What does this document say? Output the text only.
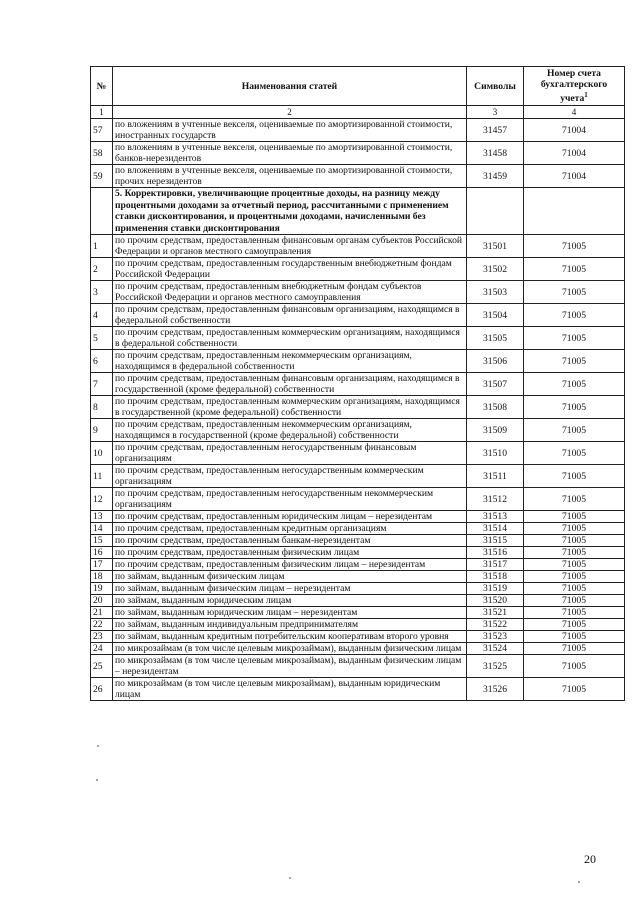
№	Наименования статей	Символы	Номер счета бухгалтерского учета$^1$
1	2	3	4
57	по вложениям в учтенные векселя, оцениваемые по амортизированной стоимости, иностранных государств	31457	71004
58	по вложениям в учтенные векселя, оцениваемые по амортизированной стоимости, банков-нерезидентов	31458	71004
59	по вложениям в учтенные векселя, оцениваемые по амортизированной стоимости, прочих нерезидентов	31459	71004
	5. Корректировки, увеличивающие процентные доходы, на разницу между процентными доходами за отчетный период, рассчитанными с применением ставки дисконтирования, и процентными доходами, начисленными без применения ставки дисконтирования		
1	по прочим средствам, предоставленным финансовым органам субъектов Российской Федерации и органов местного самоуправления	31501	71005
2	по прочим средствам, предоставленным государственным внебюджетным фондам Российской Федерации	31502	71005
3	по прочим средствам, предоставленным внебюджетным фондам субъектов Российской Федерации и органов местного самоуправления	31503	71005
4	по прочим средствам, предоставленным финансовым организациям, находящимся в федеральной собственности	31504	71005
5	по прочим средствам, предоставленным коммерческим организациям, находящимся в федеральной собственности	31505	71005
6	по прочим средствам, предоставленным некоммерческим организациям, находящимся в федеральной собственности	31506	71005
7	по прочим средствам, предоставленным финансовым организациям, находящимся в государственной (кроме федеральной) собственности	31507	71005
8	по прочим средствам, предоставленным коммерческим организациям, находящимся в государственной (кроме федеральной) собственности	31508	71005
9	по прочим средствам, предоставленным некоммерческим организациям, находящимся в государственной (кроме федеральной) собственности	31509	71005
10	по прочим средствам, предоставленным негосударственным финансовым организациям	31510	71005
11	по прочим средствам, предоставленным негосударственным коммерческим организациям	31511	71005
12	по прочим средствам, предоставленным негосударственным некоммерческим организациям	31512	71005
13	по прочим средствам, предоставленным юридическим лицам – нерезидентам	31513	71005
14	по прочим средствам, предоставленным кредитным организациям	31514	71005
15	по прочим средствам, предоставленным банкам-нерезидентам	31515	71005
16	по прочим средствам, предоставленным физическим лицам	31516	71005
17	по прочим средствам, предоставленным физическим лицам – нерезидентам	31517	71005
18	по займам, выданным физическим лицам	31518	71005
19	по займам, выданным физическим лицам – нерезидентам	31519	71005
20	по займам, выданным юридическим лицам	31520	71005
21	по займам, выданным юридическим лицам – нерезидентам	31521	71005
22	по займам, выданным индивидуальным предпринимателям	31522	71005
23	по займам, выданным кредитным потребительским кооперативам второго уровня	31523	71005
24	по микрозаймам (в том числе целевым микрозаймам), выданным физическим лицам	31524	71005
25	по микрозаймам (в том числе целевым микрозаймам), выданным физическим лицам – нерезидентам	31525	71005
26	по микрозаймам (в том числе целевым микрозаймам), выданным юридическим лицам	31526	71005
20
